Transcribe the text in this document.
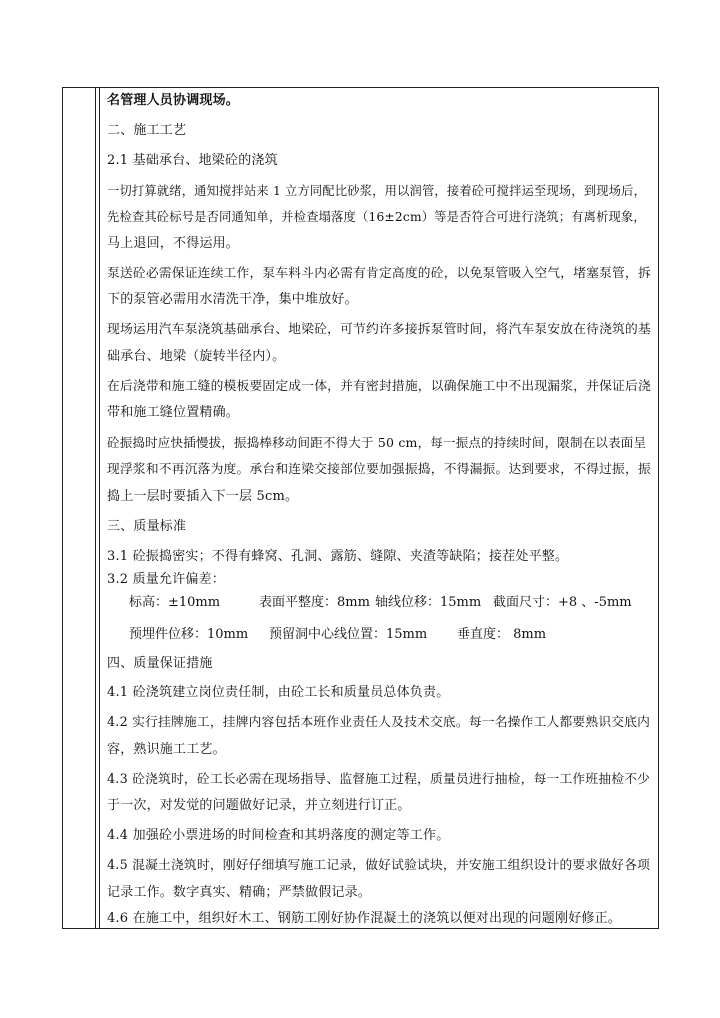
名管理人员协调现场。
二、施工工艺
2.1 基础承台、地梁砼的浇筑
一切打算就绪，通知搅拌站来 1 立方同配比砂浆，用以润管，接着砼可搅拌运至现场，到现场后，
先检查其砼标号是否同通知单，并检查塌落度（16±2cm）等是否符合可进行浇筑；有离析现象，
马上退回，不得运用。
泵送砼必需保证连续工作，泵车料斗内必需有肯定高度的砼，以免泵管吸入空气，堵塞泵管，拆
下的泵管必需用水清洗干净，集中堆放好。
现场运用汽车泵浇筑基础承台、地梁砼，可节约许多接拆泵管时间，将汽车泵安放在待浇筑的基
础承台、地梁（旋转半径内）。
在后浇带和施工缝的模板要固定成一体，并有密封措施，以确保施工中不出现漏浆，并保证后浇
带和施工缝位置精确。
砼振捣时应快插慢拔，振捣棒移动间距不得大于 50 cm，每一振点的持续时间，限制在以表面呈
现浮浆和不再沉落为度。承台和连梁交接部位要加强振捣，不得漏振。达到要求，不得过振，振
捣上一层时要插入下一层 5cm。
三、质量标准
3.1 砼振捣密实；不得有蜂窝、孔洞、露筋、缝隙、夹渣等缺陷；接茬处平整。
3.2 质量允许偏差：
标高：±10mm	表面平整度：8mm 轴线位移：15mm 截面尺寸：+8 、-5mm
预埋件位移：10mm 预留洞中心线位置：15mm 垂直度： 8mm
四、质量保证措施
4.1 砼浇筑建立岗位责任制，由砼工长和质量员总体负责。
4.2 实行挂牌施工，挂牌内容包括本班作业责任人及技术交底。每一名操作工人都要熟识交底内
容，熟识施工工艺。
4.3 砼浇筑时，砼工长必需在现场指导、监督施工过程，质量员进行抽检，每一工作班抽检不少
于一次，对发觉的问题做好记录，并立刻进行订正。
4.4 加强砼小票进场的时间检查和其坍落度的测定等工作。
4.5 混凝土浇筑时，刚好仔细填写施工记录，做好试验试块，并安施工组织设计的要求做好各项
记录工作。数字真实、精确；严禁做假记录。
4.6 在施工中，组织好木工、钢筋工刚好协作混凝土的浇筑以便对出现的问题刚好修正。
